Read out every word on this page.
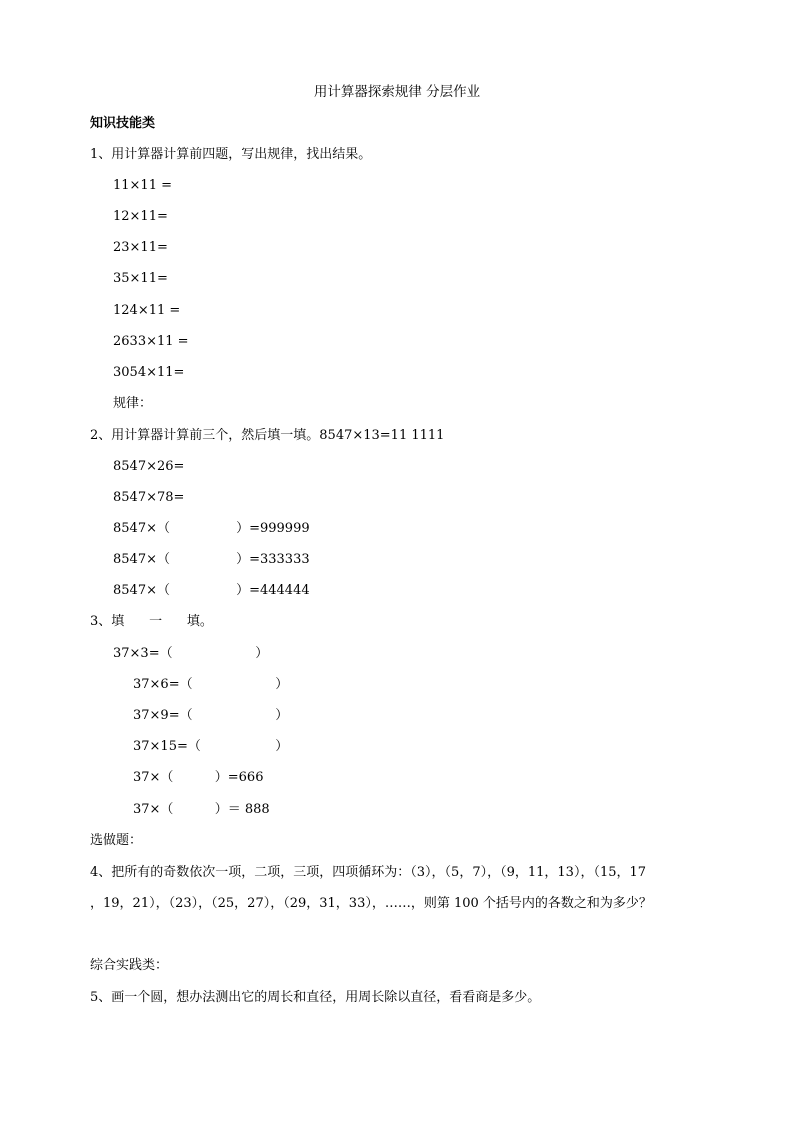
用计算器探索规律 分层作业
知识技能类
1、用计算器计算前四题，写出规律，找出结果。
11×11 =
12×11=
23×11=
35×11=
124×11 =
2633×11 =
3054×11=
规律：
2、用计算器计算前三个，然后填一填。8547×13=11 1111
8547×26=
8547×78=
8547×（                ）=999999
8547×（                ）=333333
8547×（                ）=444444
3、填      一      填。
37×3=（                    ）
37×6=（                    ）
37×9=（                    ）
37×15=（                  ）
37×（          ）=666
37×（          ）＝ 888
选做题：
4、把所有的奇数依次一项，二项，三项，四项循环为：（3），（5，7），（9，11，13），（15，17
，19，21），（23），（25，27），（29，31，33），……，则第 100 个括号内的各数之和为多少？
综合实践类：
5、画一个圆，想办法测出它的周长和直径，用周长除以直径，看看商是多少。
